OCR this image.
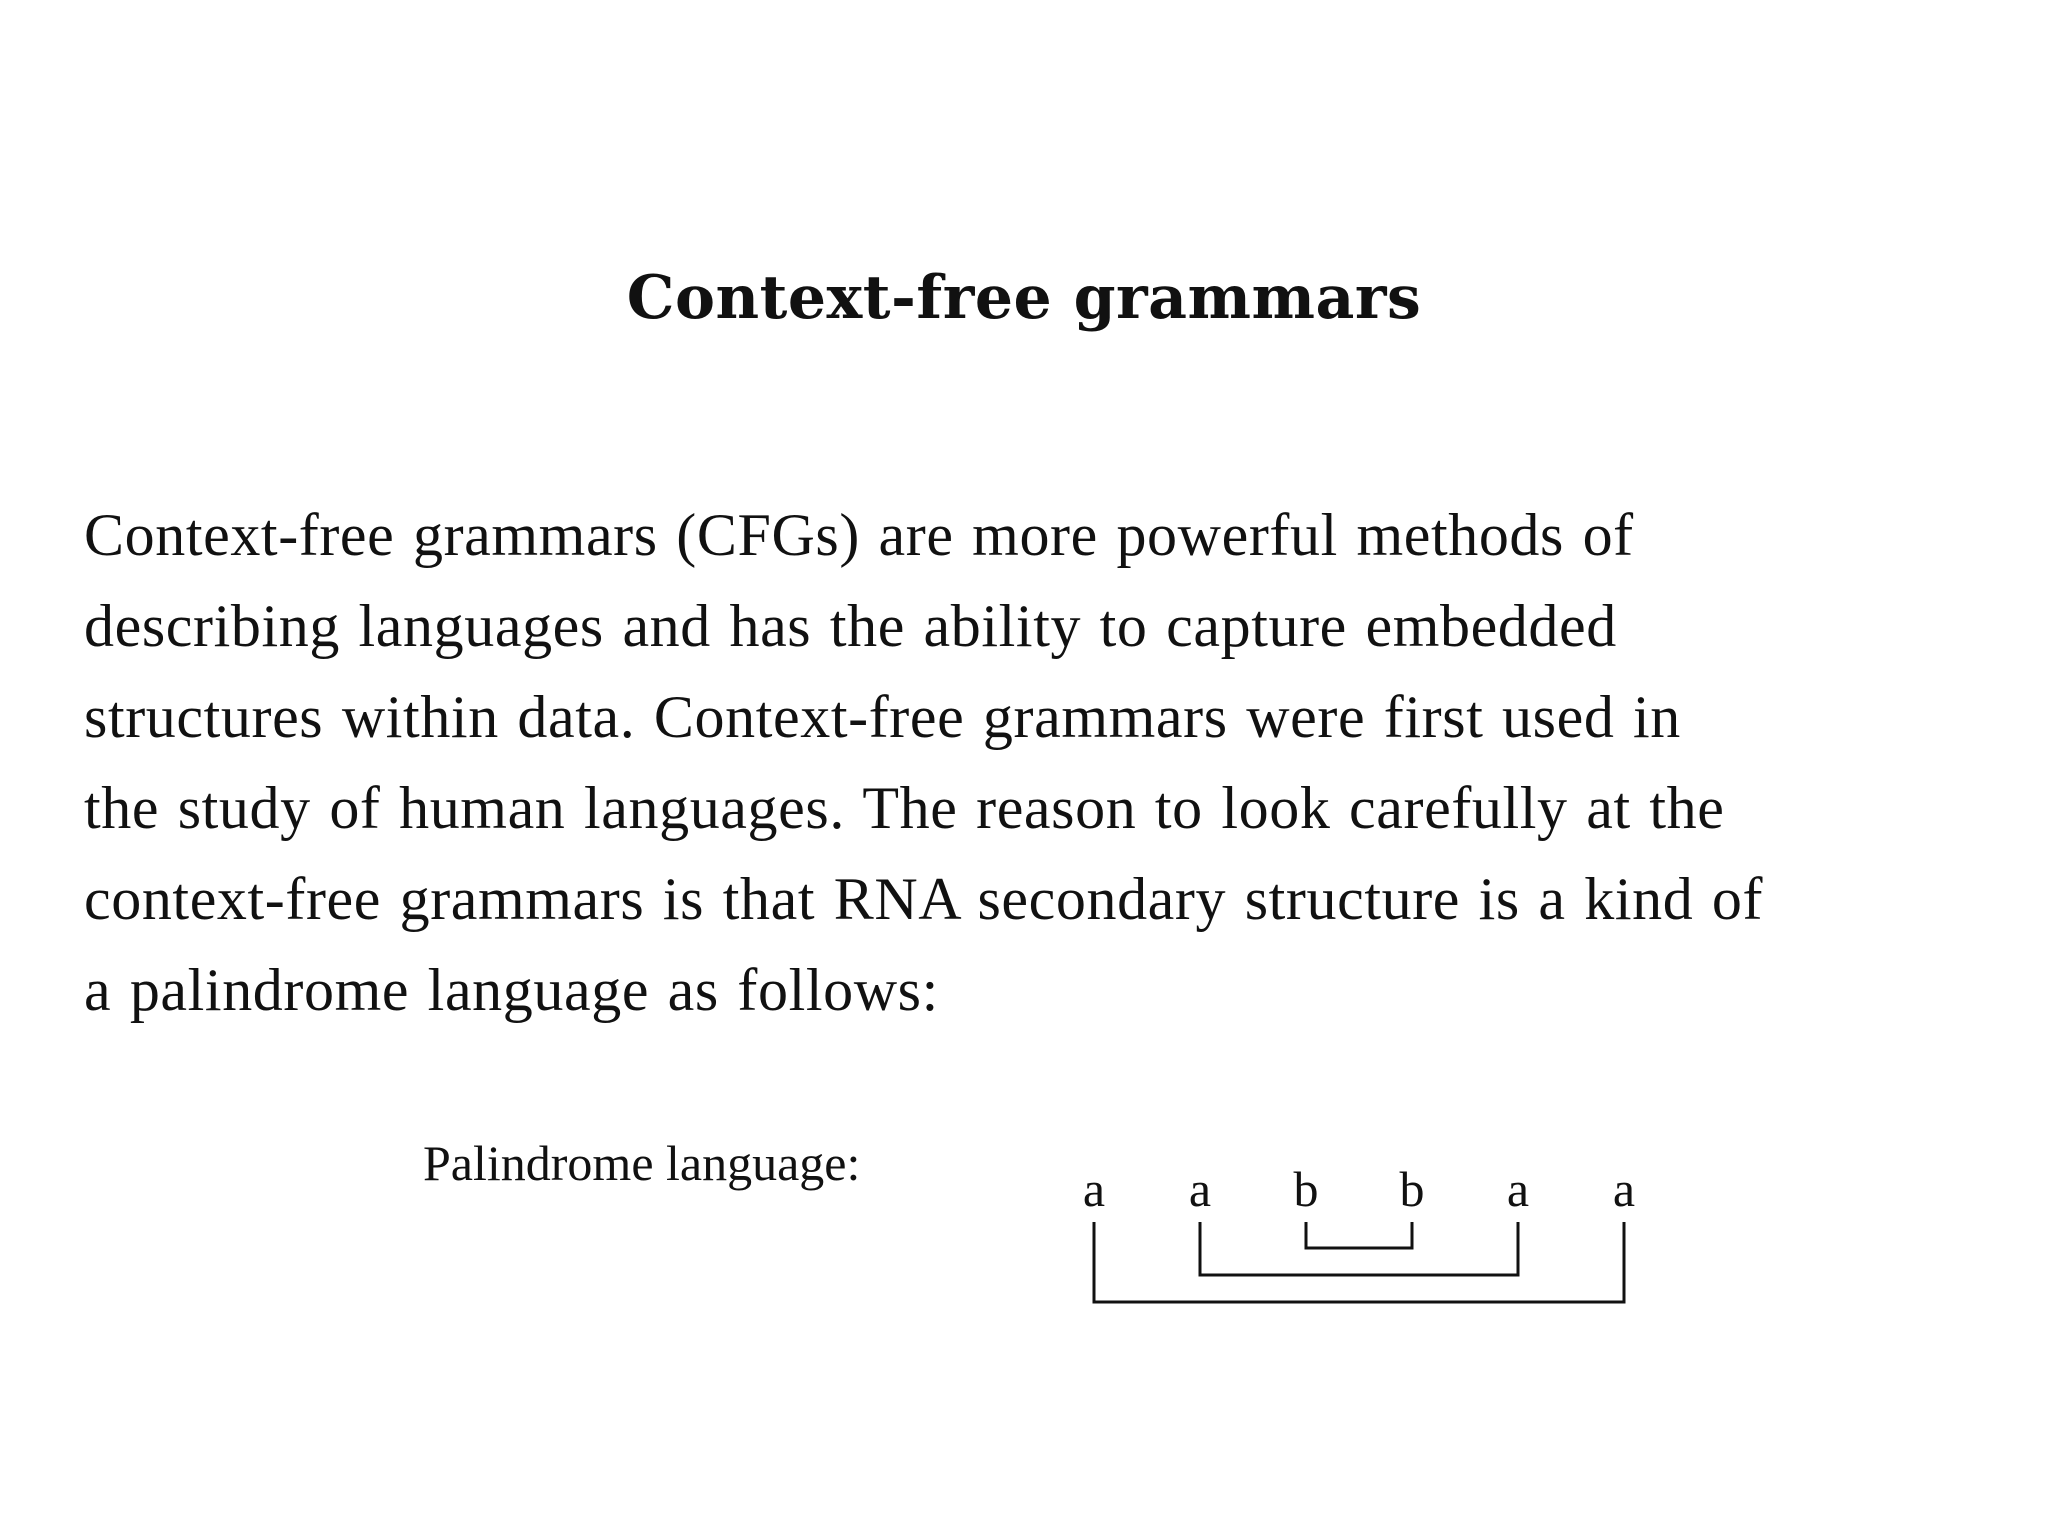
Context-free grammars

Context-free grammars (CFGs) are more powerful methods of
describing languages and has the ability to capture embedded
structures within data. Context-free grammars were first used in
the study of human languages. The reason to look carefully at the
context-free grammars is that RNA secondary structure is a kind of
a palindrome language as follows:

Palindrome language:	a a b b a a
